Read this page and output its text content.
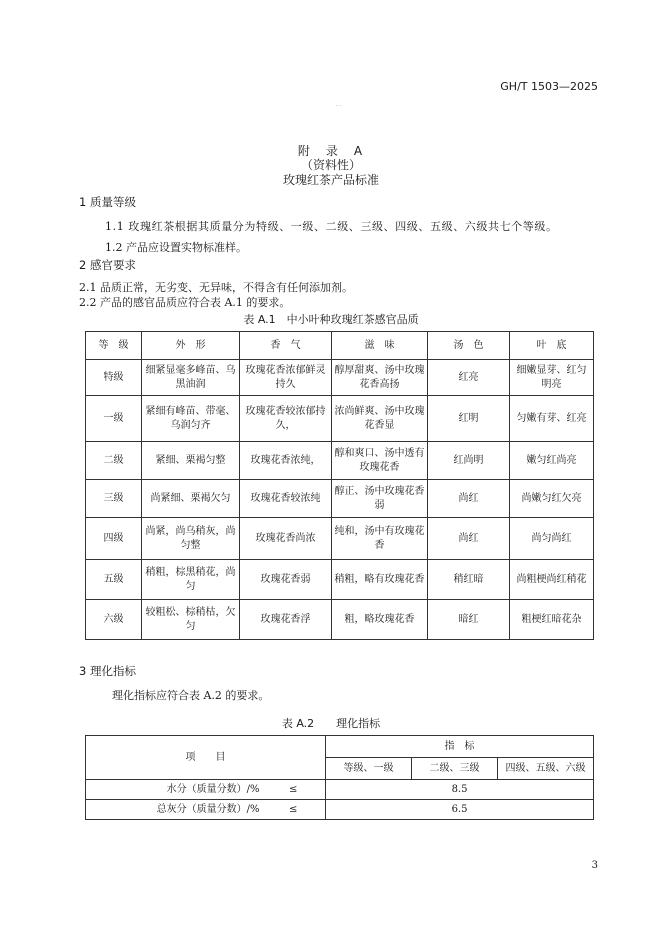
GH/T 1503—2025
· ·
附　录　A
（资料性）
玫瑰红茶产品标准
1 质量等级
1.1 玫瑰红茶根据其质量分为特级、一级、二级、三级、四级、五级、六级共七个等级。
1.2 产品应设置实物标准样。
2 感官要求
2.1 品质正常，无劣变、无异味，不得含有任何添加剂。
2.2 产品的感官品质应符合表 A.1 的要求。
表 A.1　中小叶种玫瑰红茶感官品质
等　级	外　形	香　气	滋　味	汤　色	叶　底
特级	细紧显毫多峰苗、乌黑油润	玫瑰花香浓郁鲜灵持久	醇厚甜爽、汤中玫瑰花香高扬	红亮	细嫩显芽、红匀明亮
一级	紧细有峰苗、带毫、乌润匀齐	玫瑰花香较浓郁持久，	浓尚鲜爽、汤中玫瑰花香显	红明	匀嫩有芽、红亮
二级	紧细、栗褐匀整	玫瑰花香浓纯，	醇和爽口、汤中透有玫瑰花香	红尚明	嫩匀红尚亮
三级	尚紧细、栗褐欠匀	玫瑰花香较浓纯	醇正、汤中玫瑰花香弱	尚红	尚嫩匀红欠亮
四级	尚紧，尚乌稍灰，尚匀整	玫瑰花香尚浓	纯和，汤中有玫瑰花香	尚红	尚匀尚红
五级	稍粗，棕黑稍花，尚匀	玫瑰花香弱	稍粗，略有玫瑰花香	稍红暗	尚粗梗尚红稍花
六级	较粗松、棕稍枯，欠匀	玫瑰花香浮	粗，略玫瑰花香	暗红	粗梗红暗花杂
3 理化指标
理化指标应符合表 A.2 的要求。
表 A.2　　理化指标
项　　目		指　标		
		等级、一级	二级、三级	四级、五级、六级
水分（质量分数）/%	≤	8.5		
总灰分（质量分数）/%	≤	6.5		
3
